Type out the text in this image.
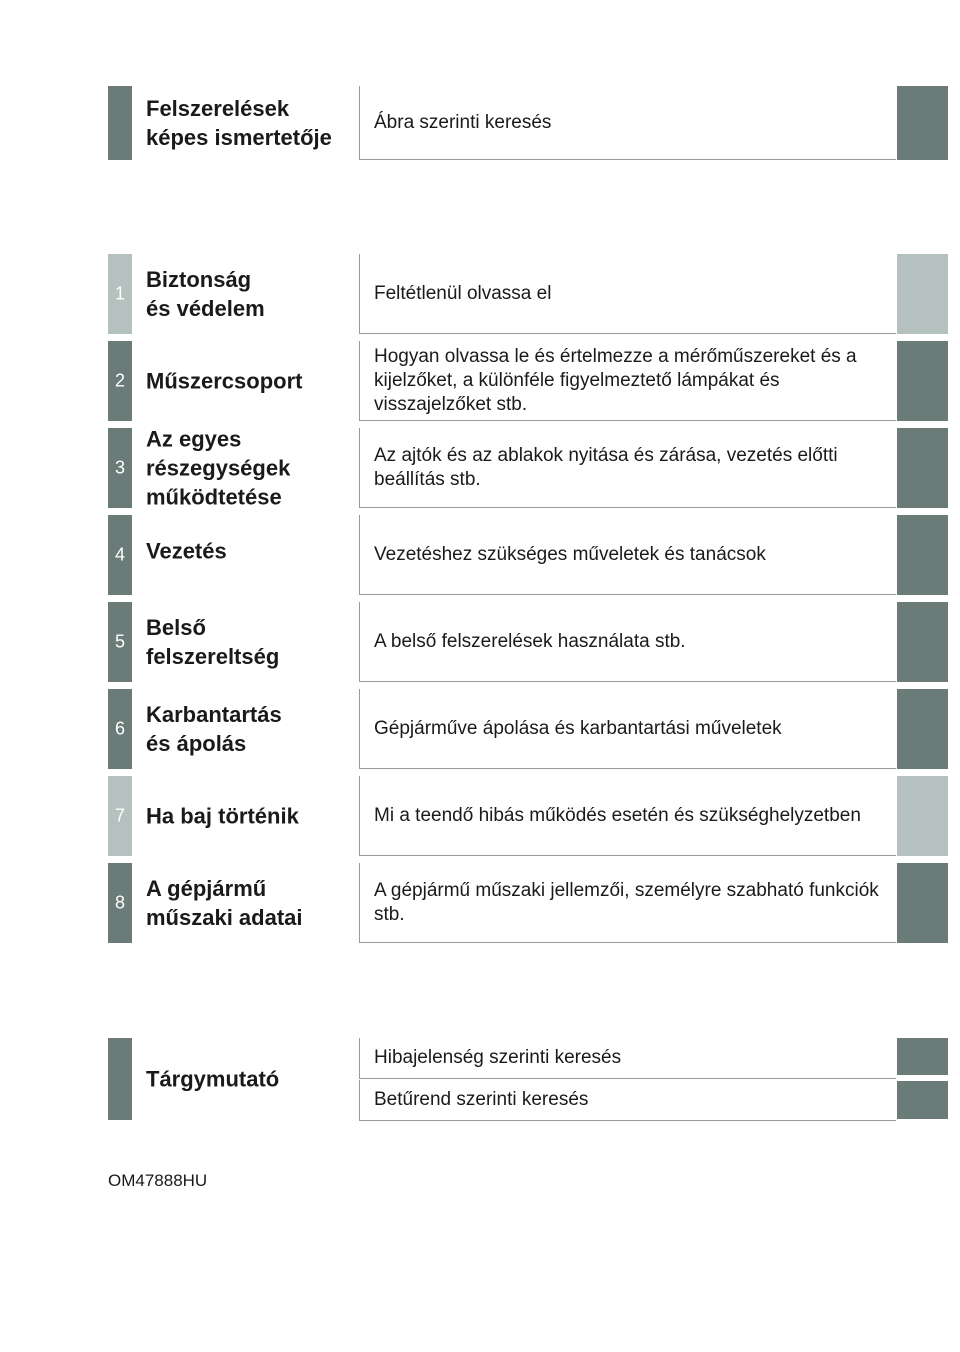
Felszerelések
képes ismertetője
Ábra szerinti keresés
1
Biztonság
és védelem
Feltétlenül olvassa el
2 Műszercsoport
Hogyan olvassa le és értelmezze a mérőműszereket és a kijelzőket, a különféle figyelmeztető lámpákat és visszajelzőket stb.
3
Az egyes
részegységek
működtetése
Az ajtók és az ablakok nyitása és zárása, vezetés előtti beállítás stb.
4 Vezetés	Vezetéshez szükséges műveletek és tanácsok
5
Belső
felszereltség
A belső felszerelések használata stb.
6
Karbantartás
és ápolás
Gépjárműve ápolása és karbantartási műveletek
7 Ha baj történik	Mi a teendő hibás működés esetén és szükséghelyzetben
8
A gépjármű
műszaki adatai
A gépjármű műszaki jellemzői, személyre szabható funkciók stb.
Tárgymutató
Hibajelenség szerinti keresés
Betűrend szerinti keresés
OM47888HU
